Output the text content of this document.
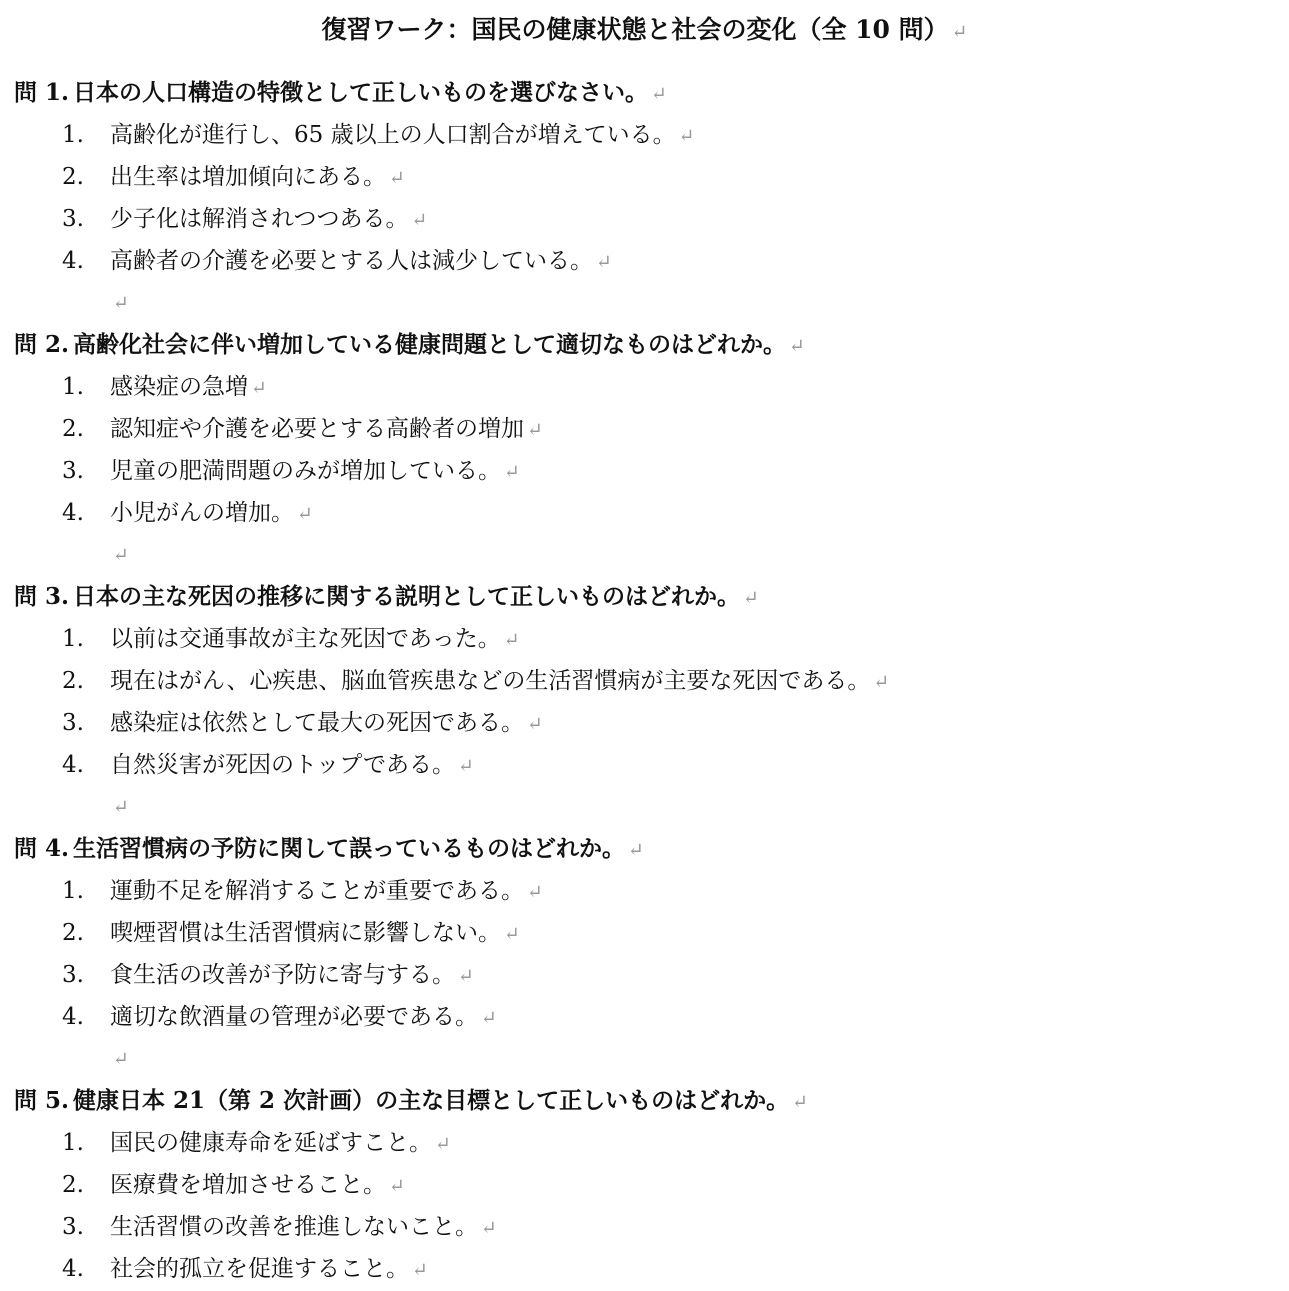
復習ワーク：国民の健康状態と社会の変化（全 10 問） ↵
問 1. 日本の人口構造の特徴として正しいものを選びなさい。 ↵
1.	高齢化が進行し、65 歳以上の人口割合が増えている。 ↵
2.	出生率は増加傾向にある。 ↵
3.	少子化は解消されつつある。 ↵
4.	高齢者の介護を必要とする人は減少している。 ↵
↵
問 2. 高齢化社会に伴い増加している健康問題として適切なものはどれか。 ↵
1.	感染症の急増 ↵
2.	認知症や介護を必要とする高齢者の増加 ↵
3.	児童の肥満問題のみが増加している。 ↵
4.	小児がんの増加。 ↵
↵
問 3. 日本の主な死因の推移に関する説明として正しいものはどれか。 ↵
1.	以前は交通事故が主な死因であった。 ↵
2.	現在はがん、心疾患、脳血管疾患などの生活習慣病が主要な死因である。 ↵
3.	感染症は依然として最大の死因である。 ↵
4.	自然災害が死因のトップである。 ↵
↵
問 4. 生活習慣病の予防に関して誤っているものはどれか。 ↵
1.	運動不足を解消することが重要である。 ↵
2.	喫煙習慣は生活習慣病に影響しない。 ↵
3.	食生活の改善が予防に寄与する。 ↵
4.	適切な飲酒量の管理が必要である。 ↵
↵
問 5. 健康日本 21（第 2 次計画）の主な目標として正しいものはどれか。 ↵
1.	国民の健康寿命を延ばすこと。 ↵
2.	医療費を増加させること。 ↵
3.	生活習慣の改善を推進しないこと。 ↵
4.	社会的孤立を促進すること。 ↵
